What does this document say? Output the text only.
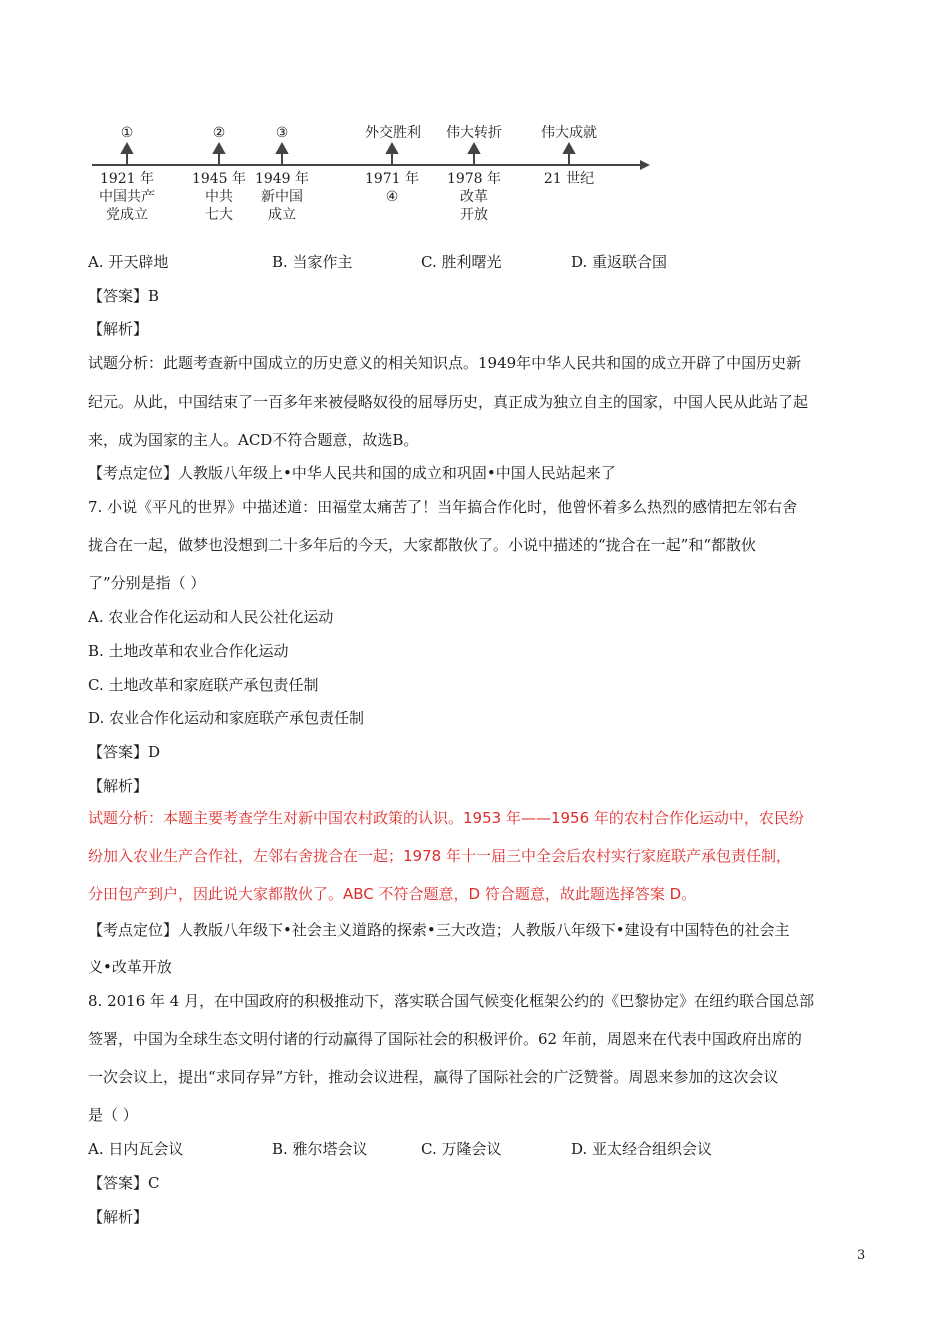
①	②	③	外交胜利	伟大转折	伟大成就
1921 年
中国共产
党成立
1945 年
中共
七大
1949 年
新中国
成立
1971 年
④
1978 年
改革
开放
21 世纪
A. 开天辟地	B. 当家作主	C. 胜利曙光	D. 重返联合国
【答案】B
【解析】
试题分析：此题考查新中国成立的历史意义的相关知识点。1949年中华人民共和国的成立开辟了中国历史新
纪元。从此，中国结束了一百多年来被侵略奴役的屈辱历史，真正成为独立自主的国家，中国人民从此站了起
来，成为国家的主人。ACD不符合题意，故选B。
【考点定位】人教版八年级上•中华人民共和国的成立和巩固•中国人民站起来了
7. 小说《平凡的世界》中描述道：田福堂太痛苦了！当年搞合作化时，他曾怀着多么热烈的感情把左邻右舍
拢合在一起，做梦也没想到二十多年后的今天，大家都散伙了。小说中描述的“拢合在一起”和“都散伙
了”分别是指（ ）
A. 农业合作化运动和人民公社化运动
B. 土地改革和农业合作化运动
C. 土地改革和家庭联产承包责任制
D. 农业合作化运动和家庭联产承包责任制
【答案】D
【解析】
试题分析：本题主要考查学生对新中国农村政策的认识。1953 年——1956 年的农村合作化运动中，农民纷
纷加入农业生产合作社，左邻右舍拢合在一起；1978 年十一届三中全会后农村实行家庭联产承包责任制，
分田包产到户，因此说大家都散伙了。ABC 不符合题意，D 符合题意，故此题选择答案 D。
【考点定位】人教版八年级下•社会主义道路的探索•三大改造；人教版八年级下•建设有中国特色的社会主
义•改革开放
8. 2016 年 4 月，在中国政府的积极推动下，落实联合国气候变化框架公约的《巴黎协定》在纽约联合国总部
签署，中国为全球生态文明付诸的行动赢得了国际社会的积极评价。62 年前，周恩来在代表中国政府出席的
一次会议上，提出“求同存异”方针，推动会议进程，赢得了国际社会的广泛赞誉。周恩来参加的这次会议
是（ ）
A. 日内瓦会议	B. 雅尔塔会议	C. 万隆会议	D. 亚太经合组织会议
【答案】C
【解析】
3
